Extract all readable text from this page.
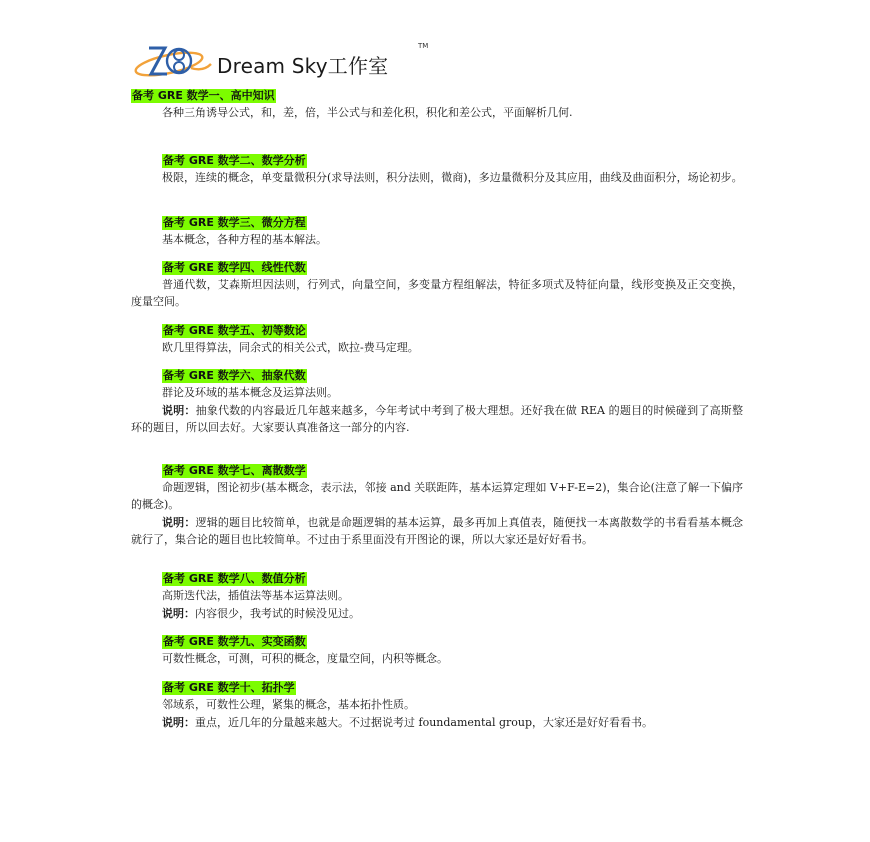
Dream Sky工作室
TM
备考 GRE 数学一、高中知识

各种三角诱导公式，和，差，倍，半公式与和差化积，积化和差公式，平面解析几何.

备考 GRE 数学二、数学分析

极限，连续的概念，单变量微积分(求导法则，积分法则，微商)，多边量微积分及其应用，曲线及曲面积分，场论初步。

备考 GRE 数学三、微分方程

基本概念，各种方程的基本解法。

备考 GRE 数学四、线性代数

普通代数，艾森斯坦因法则，行列式，向量空间，多变量方程组解法，特征多项式及特征向量，线形变换及正交变换，度量空间。

备考 GRE 数学五、初等数论

欧几里得算法，同余式的相关公式，欧拉-费马定理。

备考 GRE 数学六、抽象代数

群论及环域的基本概念及运算法则。

说明：抽象代数的内容最近几年越来越多，今年考试中考到了极大理想。还好我在做 REA 的题目的时候碰到了高斯整环的题目，所以回去好。大家要认真准备这一部分的内容.

备考 GRE 数学七、离散数学

命题逻辑，图论初步(基本概念，表示法，邻接 and 关联距阵，基本运算定理如 V+F-E=2)，集合论(注意了解一下偏序的概念)。

说明：逻辑的题目比较简单，也就是命题逻辑的基本运算，最多再加上真值表，随便找一本离散数学的书看看基本概念就行了，集合论的题目也比较简单。不过由于系里面没有开图论的课，所以大家还是好好看书。

备考 GRE 数学八、数值分析

高斯迭代法，插值法等基本运算法则。

说明：内容很少，我考试的时候没见过。

备考 GRE 数学九、实变函数

可数性概念，可测，可积的概念，度量空间，内积等概念。

备考 GRE 数学十、拓扑学

邻域系，可数性公理，紧集的概念，基本拓扑性质。

说明：重点，近几年的分量越来越大。不过据说考过 foundamental group，大家还是好好看看书。
